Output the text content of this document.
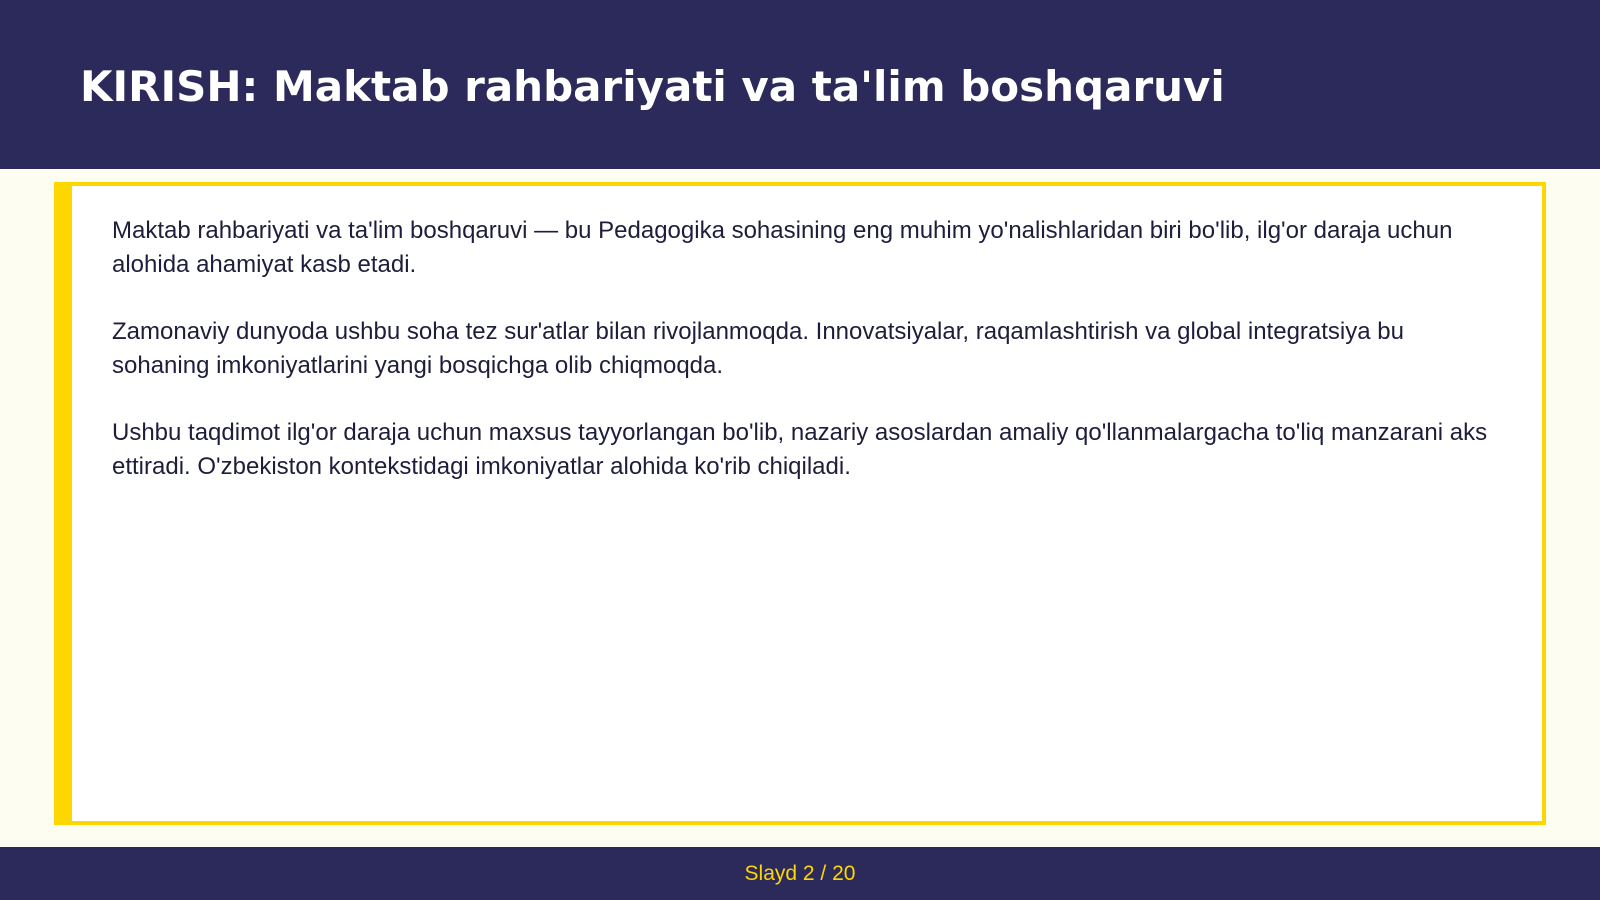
KIRISH: Maktab rahbariyati va ta'lim boshqaruvi

Maktab rahbariyati va ta'lim boshqaruvi — bu Pedagogika sohasining eng muhim yo'nalishlaridan biri bo'lib, ilg'or daraja uchun alohida ahamiyat kasb etadi.

Zamonaviy dunyoda ushbu soha tez sur'atlar bilan rivojlanmoqda. Innovatsiyalar, raqamlashtirish va global integratsiya bu sohaning imkoniyatlarini yangi bosqichga olib chiqmoqda.

Ushbu taqdimot ilg'or daraja uchun maxsus tayyorlangan bo'lib, nazariy asoslardan amaliy qo'llanmalargacha to'liq manzarani aks ettiradi. O'zbekiston kontekstidagi imkoniyatlar alohida ko'rib chiqiladi.

Slayd 2 / 20
